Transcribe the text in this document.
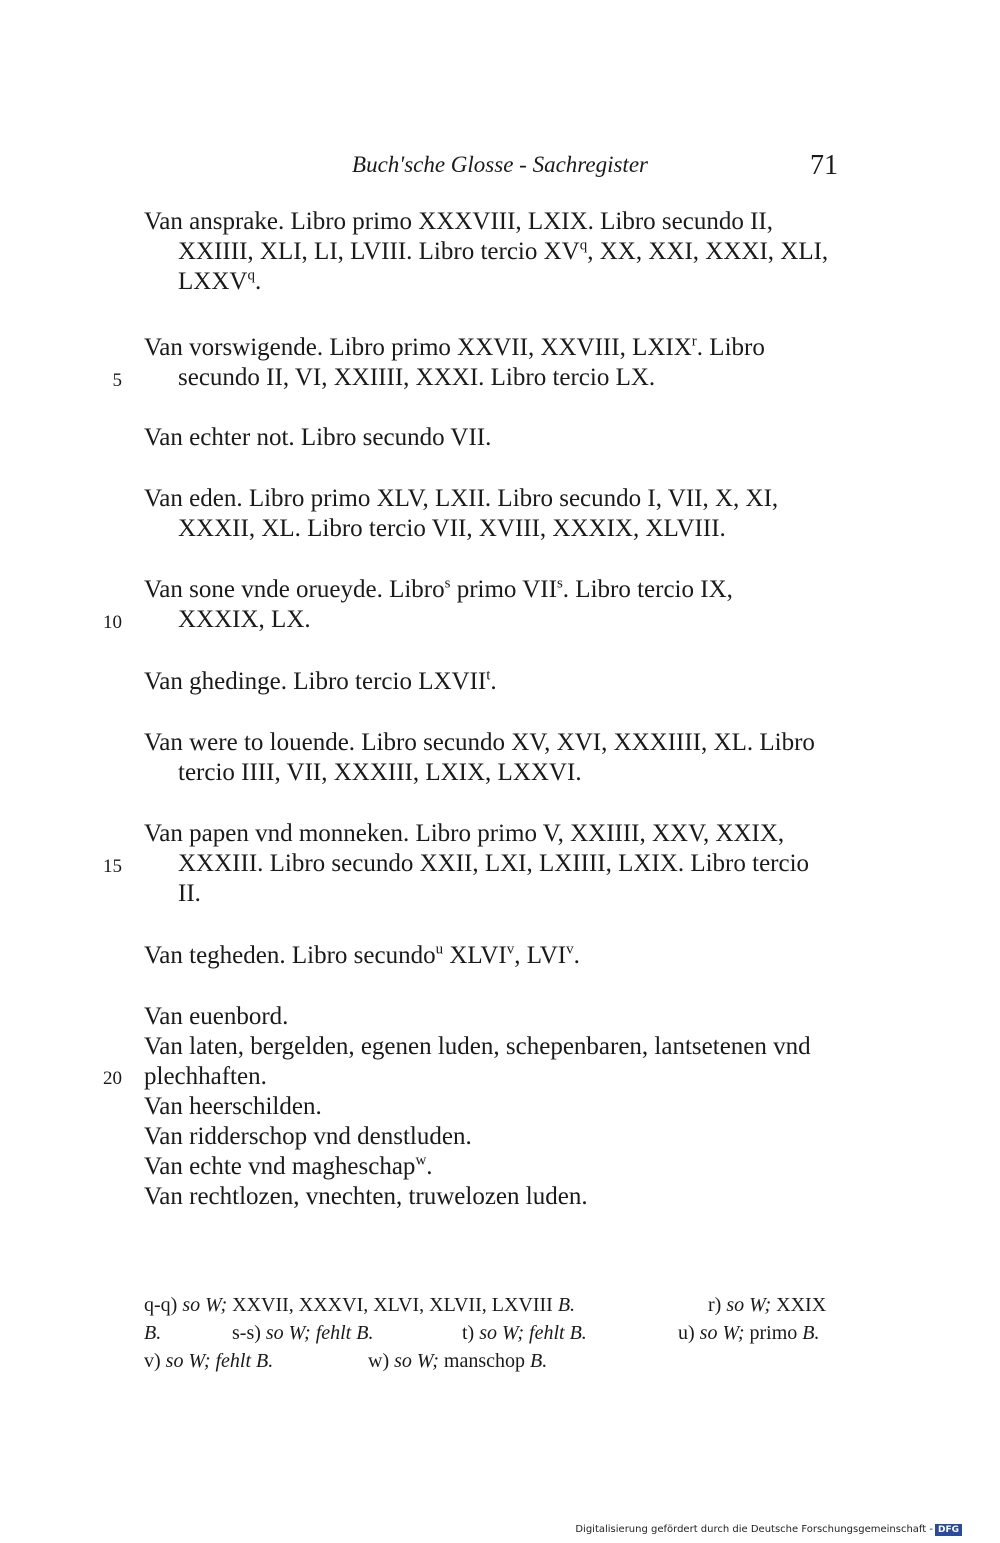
Buch'sche Glosse - Sachregister	71
Van ansprake. Libro primo XXXVIII, LXIX. Libro secundo II,
XXIIII, XLI, LI, LVIII. Libro tercio $XV^q$, XX, XXI, XXXI, XLI,
LXXV$^q$.
Van vorswigende. Libro primo XXVII, XXVIII, LXIX$^r$. Libro
secundo II, VI, XXIIII, XXXI. Libro tercio LX.
5
Van echter not. Libro secundo VII.
Van eden. Libro primo XLV, LXII. Libro secundo I, VII, X, XI,
XXXII, XL. Libro tercio VII, XVIII, XXXIX, XLVIII.
Van sone vnde orueyde. Libro$^s$ primo VII$^s$. Libro tercio IX,
XXXIX, LX.
10
Van ghedinge. Libro tercio LXVII$^t$.
Van were to louende. Libro secundo XV, XVI, XXXIIII, XL. Libro
tercio IIII, VII, XXXIII, LXIX, LXXVI.
Van papen vnd monneken. Libro primo V, XXIIII, XXV, XXIX,
XXXIII. Libro secundo XXII, LXI, LXIIII, LXIX. Libro tercio
II.
15
Van tegheden. Libro secundo$^u$ XLVI$^v$, LVI$^v$.
Van euenbord.
Van laten, bergelden, egenen luden, schepenbaren, lantsetenen vnd
plechhaften.
Van heerschilden.
Van ridderschop vnd denstluden.
Van echte vnd magheschap$^w$.
Van rechtlozen, vnechten, truwelozen luden.
20
q-q) so W; XXVII, XXXVI, XLVI, XLVII, LXVIII B.	r) so W; XXIX
B.	s-s) so W; fehlt B.	t) so W; fehlt B.	u) so W; primo B.
v) so W; fehlt B.	w) so W; manschop B.
Digitalisierung gefördert durch die Deutsche Forschungsgemeinschaft - DFG
